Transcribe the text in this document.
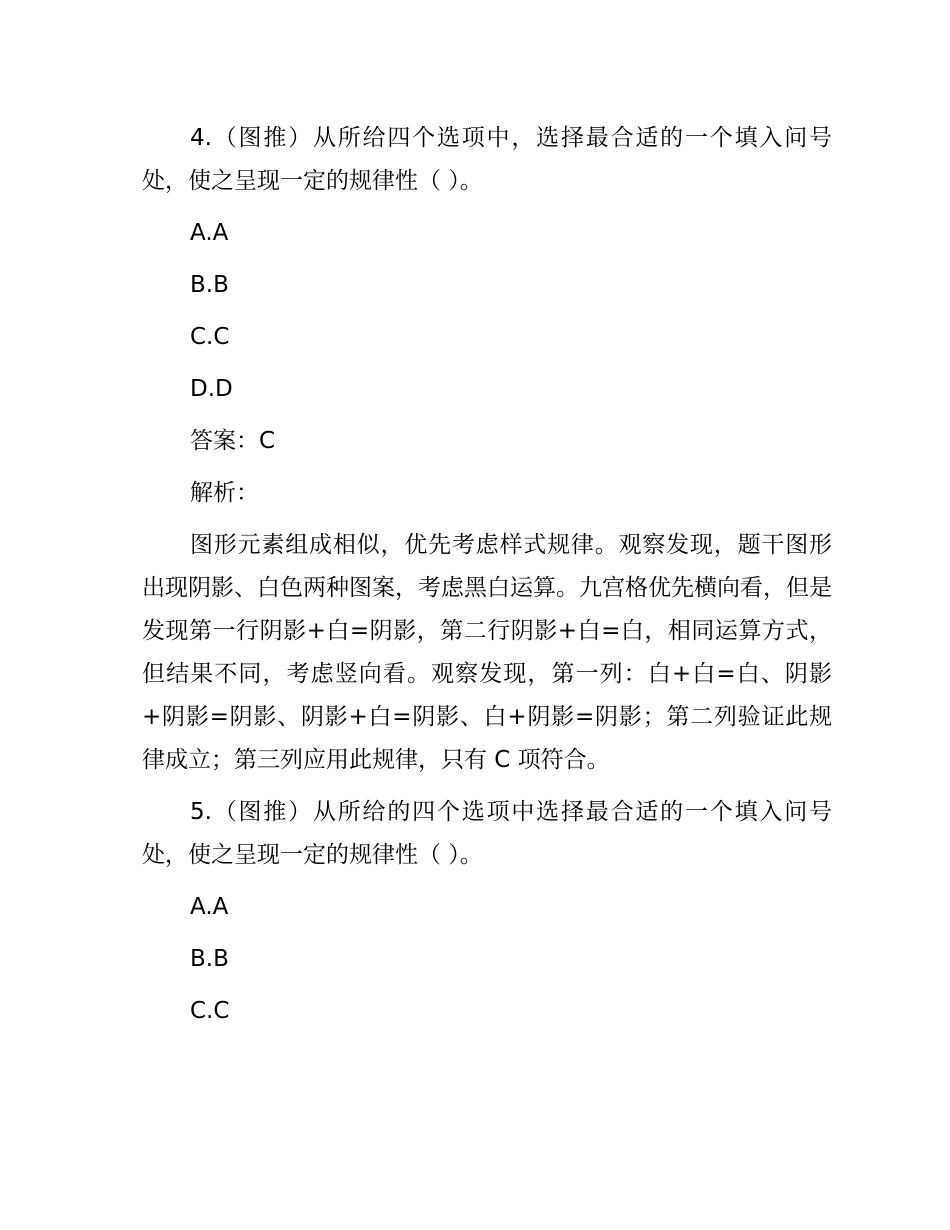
4.（图推）从所给四个选项中，选择最合适的一个填入问号处，使之呈现一定的规律性（ ）。

A.A

B.B

C.C

D.D

答案：C

解析：

图形元素组成相似，优先考虑样式规律。观察发现，题干图形出现阴影、白色两种图案，考虑黑白运算。九宫格优先横向看，但是发现第一行阴影+白=阴影，第二行阴影+白=白，相同运算方式，但结果不同，考虑竖向看。观察发现，第一列：白+白=白、阴影+阴影=阴影、阴影+白=阴影、白+阴影=阴影；第二列验证此规律成立；第三列应用此规律，只有 C 项符合。

5.（图推）从所给的四个选项中选择最合适的一个填入问号处，使之呈现一定的规律性（ ）。

A.A

B.B

C.C
